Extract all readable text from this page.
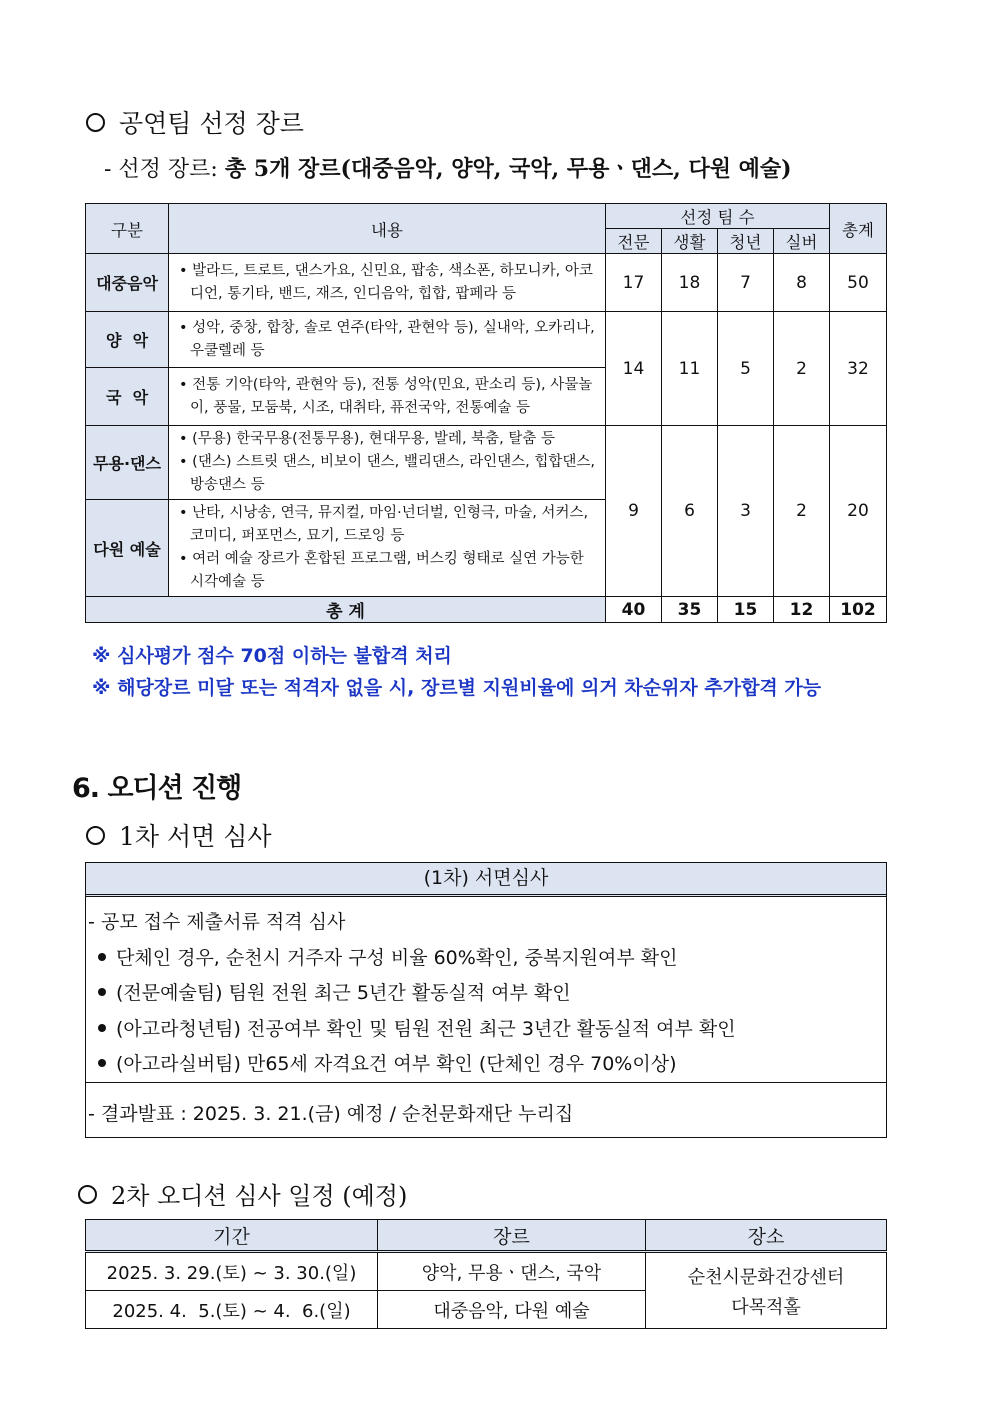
공연팀 선정 장르
- 선정 장르: 총 5개 장르(대중음악, 양악, 국악, 무용ㆍ댄스, 다원 예술)
구분	내용	선정 팀 수				총계
		전문	생활	청년	실버	
대중음악	• 발라드, 트로트, 댄스가요, 신민요, 팝송, 색소폰, 하모니카, 아코디언, 통기타, 밴드, 재즈, 인디음악, 힙합, 팝페라 등	17	18	7	8	50
양  악	• 성악, 중창, 합창, 솔로 연주(타악, 관현악 등), 실내악, 오카리나, 우쿨렐레 등	14	11	5	2	32
국  악	• 전통 기악(타악, 관현악 등), 전통 성악(민요, 판소리 등), 사물놀이, 풍물, 모둠북, 시조, 대취타, 퓨전국악, 전통예술 등					

무용·댄스	• (무용) 한국무용(전통무용), 현대무용, 발레, 북춤, 탈춤 등
• (댄스) 스트릿 댄스, 비보이 댄스, 밸리댄스, 라인댄스, 힙합댄스,방송댄스 등	9	6	3	2	20
다원 예술	• 난타, 시낭송, 연극, 뮤지컬, 마임·넌더벌, 인형극, 마술, 서커스, 코미디, 퍼포먼스, 묘기, 드로잉 등
• 여러 예술 장르가 혼합된 프로그램, 버스킹 형태로 실연 가능한 시각예술 등					

총 계		40	35	15	12	102
※ 심사평가 점수 70점 이하는 불합격 처리
※ 해당장르 미달 또는 적격자 없을 시, 장르별 지원비율에 의거 차순위자 추가합격 가능
6. 오디션 진행
1차 서면 심사
(1차) 서면심사
- 공모 접수 제출서류 적격 심사
단체인 경우, 순천시 거주자 구성 비율 60%확인, 중복지원여부 확인
(전문예술팀) 팀원 전원 최근 5년간 활동실적 여부 확인
(아고라청년팀) 전공여부 확인 및 팀원 전원 최근 3년간 활동실적 여부 확인
(아고라실버팀) 만65세 자격요건 여부 확인 (단체인 경우 70%이상)
- 결과발표 : 2025. 3. 21.(금) 예정 / 순천문화재단 누리집
2차 오디션 심사 일정 (예정)
기간	장르	장소
2025. 3. 29.(토) ~ 3. 30.(일)	양악, 무용ㆍ댄스, 국악	순천시문화건강센터
다목적홀

2025. 4.  5.(토) ~ 4.  6.(일)	대중음악, 다원 예술	
